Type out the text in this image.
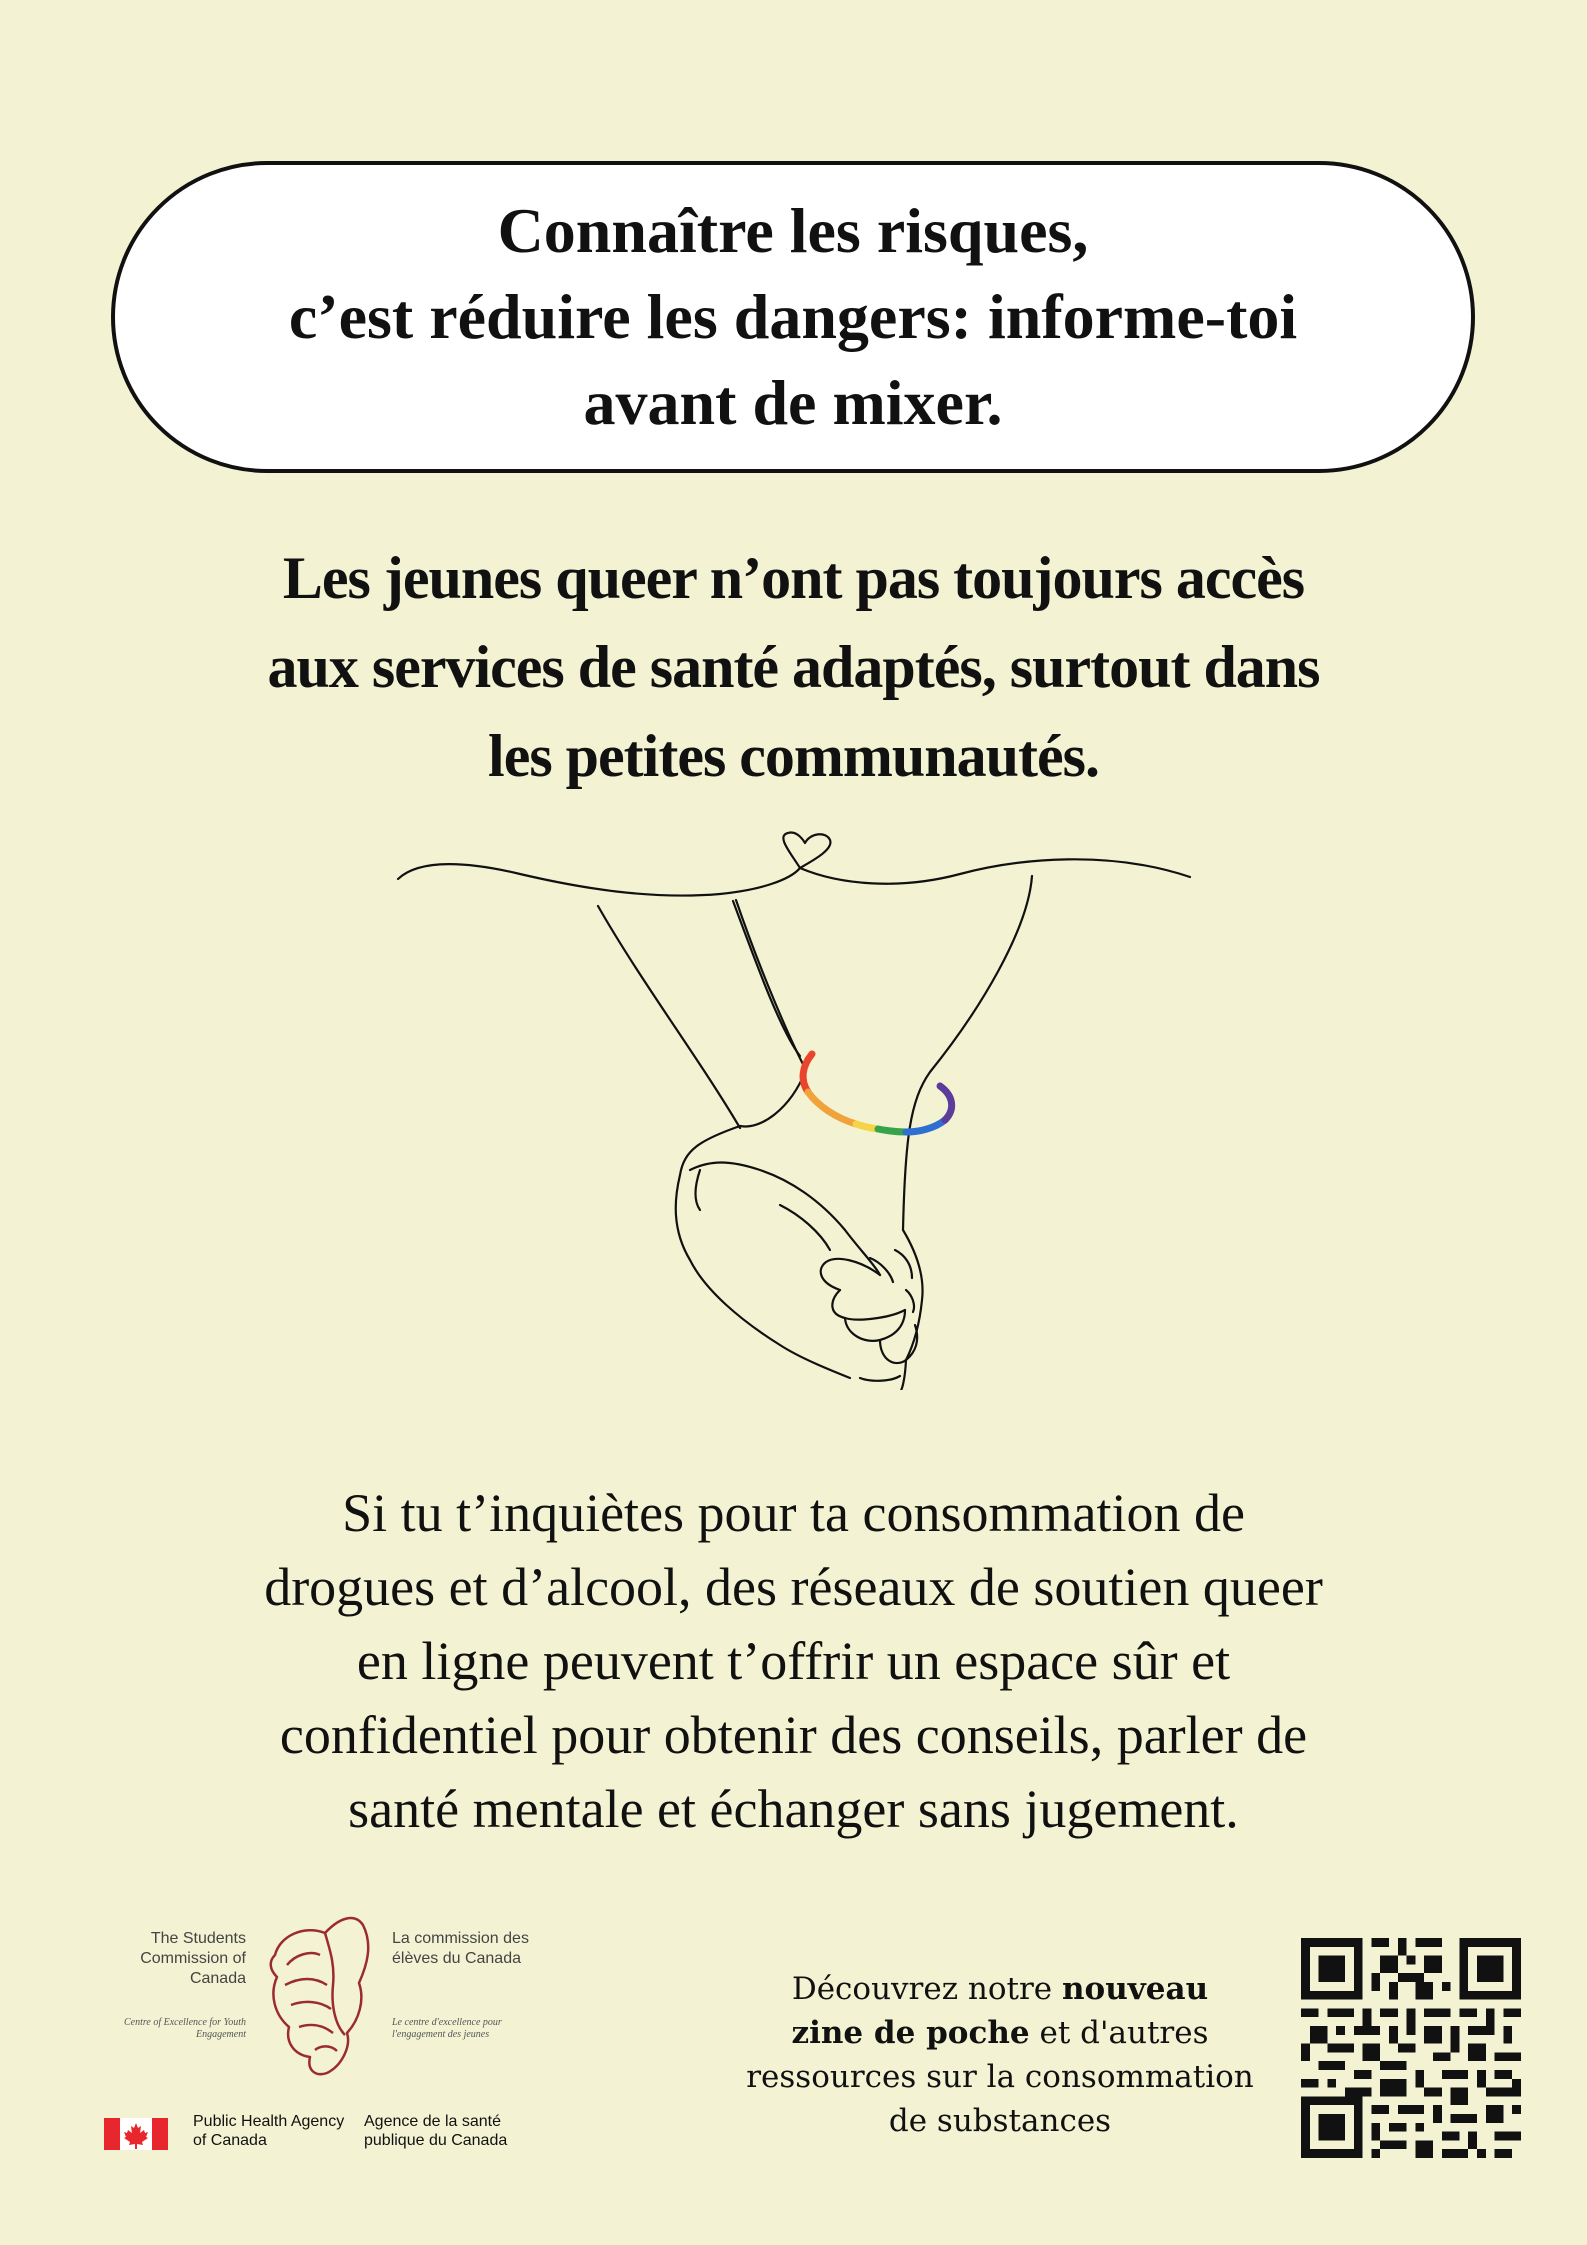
Connaître les risques,
c’est réduire les dangers: informe-toi
avant de mixer.
Les jeunes queer n’ont pas toujours accès
aux services de santé adaptés, surtout dans
les petites communautés.
Si tu t’inquiètes pour ta consommation de
drogues et d’alcool, des réseaux de soutien queer
en ligne peuvent t’offrir un espace sûr et
confidentiel pour obtenir des conseils, parler de
santé mentale et échanger sans jugement.
The Students Commission of Canada
Centre of Excellence for Youth Engagement
La commission des élèves du Canada
Le centre d'excellence pour l'engagement des jeunes
Public Health Agency of Canada
Agence de la santé publique du Canada
Découvrez notre nouveau
zine de poche et d'autres
ressources sur la consommation
de substances
